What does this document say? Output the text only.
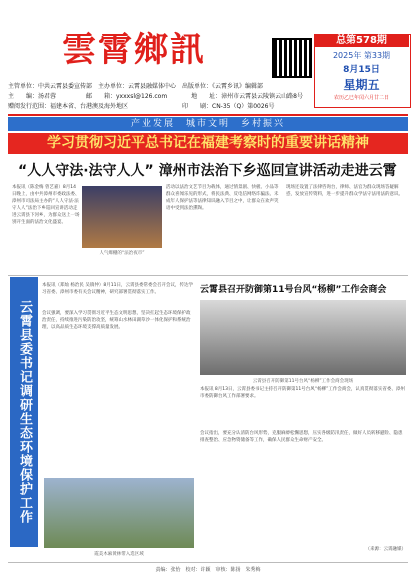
雲霄鄉訊	总第578期
2025年 第33期
8月15日
星期五
农历乙巳年闰六月廿二日
主管单位：中共云霄县委宣传部　主办单位：云霄县融媒体中心　出版单位：《云霄乡讯》编辑部
主　　编：汤君蓉　　　　　邮　　箱：yxxxsl@126.com　　　　地　　址：漳州市云霄县云陵镇云山路8号
赠阅发行范围：福建本省、台港澳及海外地区　　　　　　　　　印　　刷：CN-35（Q）第0026号
产业发展　城市文明　乡村振兴
学习贯彻习近平总书记在福建考察时的重要讲话精神
“人人守法·法守人人” 漳州市法治下乡巡回宣讲活动走进云霄
本报讯（陈金梅 曾艺嘉）8月14日晚上，由中共漳州市委政法委、漳州市司法局主办的“人人守法·法守人人”法治下乡巡回宣讲活动走进云霄县下河乡，为群众送上一场别开生面的法治文化盛宴。
人气爆棚的“法治夜市”
活动以法治文艺节目为载体，通过情景剧、快板、小品等群众喜闻乐见的形式，将民法典、反电信网络诈骗法、未成年人保护法等法律知识融入节目之中，让群众在欢声笑语中受到法治熏陶。
现场还设置了法律咨询台，律师、法官为群众现场答疑解惑，发放宣传资料，进一步提升群众学法守法用法的意识。
云霄县委书记调研生态环境保护工作
本报讯（郑灿 杨治民 吴镇仲）8月11日，云霄县委常委会召开会议，传达学习省委、漳州市委有关会议精神，研究部署贯彻落实工作。
会议强调，要深入学习贯彻习近平生态文明思想，坚决扛起生态环境保护政治责任，持续推进污染防治攻坚，统筹山水林田湖草沙一体化保护和系统治理，以高品质生态环境支撑高质量发展。
霞美木麻黄林带入选区域
云霄县召开防御第11号台风“杨柳”工作会商会
云霄县召开防御第11号台风“杨柳”工作会商会现场
本报讯 8月13日，云霄县委书记主持召开防御第11号台风“杨柳”工作会商会，认真贯彻落实省委、漳州市委防御台风工作部署要求。
会议指出，要充分认清防台风形势，克服麻痹松懈思想，压实各级防汛责任，做好人员转移避险、隐患排查整治、应急物资储备等工作，确保人民群众生命财产安全。
（来源：云霄融媒）
责编：张怡　校对：许颖　审核：陈扬　朱秀梅
